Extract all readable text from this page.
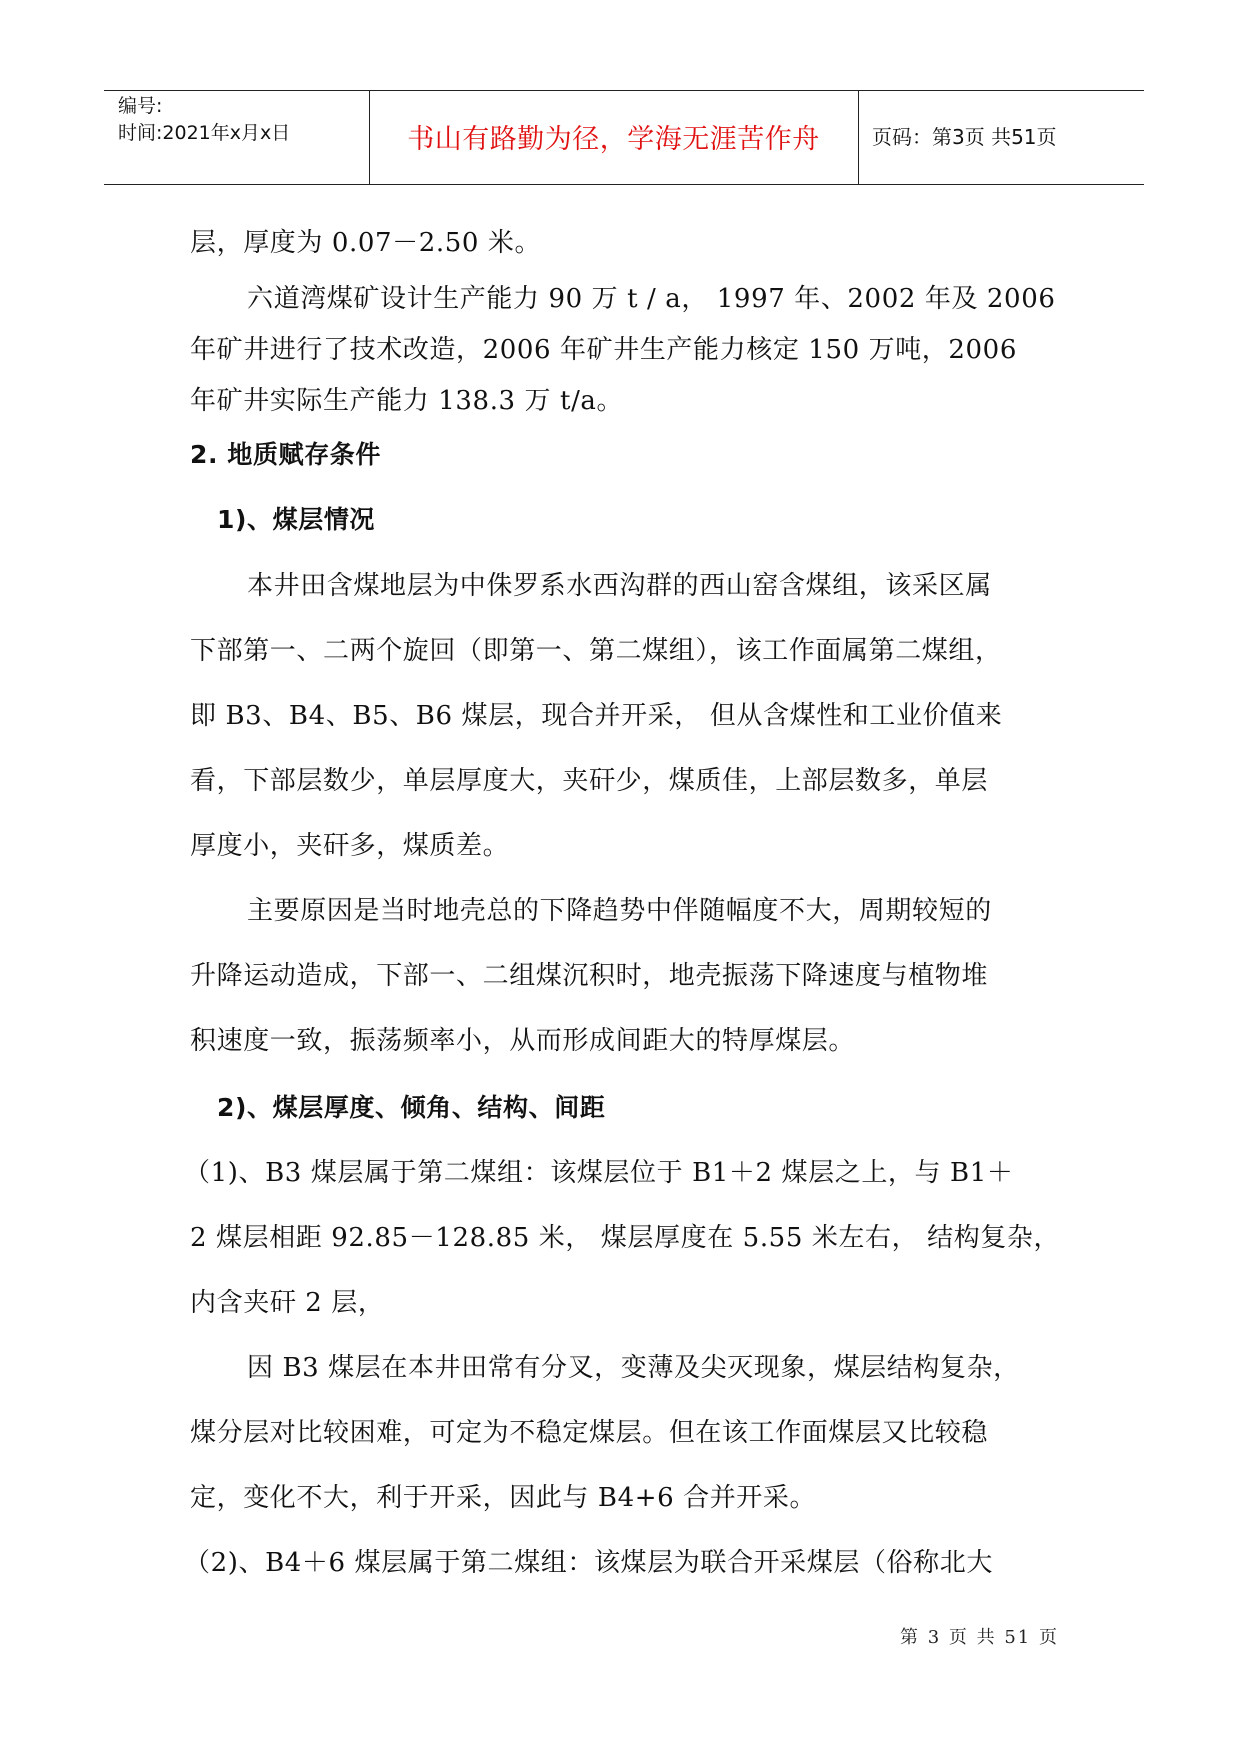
编号:
时间:2021年x月x日	书山有路勤为径，学海无涯苦作舟	页码：第3页 共51页
层，厚度为 0.07－2.50 米。
六道湾煤矿设计生产能力 90 万 t / a， 1997 年、2002 年及 2006
年矿井进行了技术改造，2006 年矿井生产能力核定 150 万吨，2006
年矿井实际生产能力 138.3 万 t/a。
2. 地质赋存条件
1)、煤层情况
本井田含煤地层为中侏罗系水西沟群的西山窑含煤组，该采区属
下部第一、二两个旋回（即第一、第二煤组），该工作面属第二煤组，
即 B3、B4、B5、B6 煤层，现合并开采， 但从含煤性和工业价值来
看，下部层数少，单层厚度大，夹矸少，煤质佳，上部层数多，单层
厚度小，夹矸多，煤质差。
主要原因是当时地壳总的下降趋势中伴随幅度不大，周期较短的
升降运动造成，下部一、二组煤沉积时，地壳振荡下降速度与植物堆
积速度一致，振荡频率小，从而形成间距大的特厚煤层。
2)、煤层厚度、倾角、结构、间距
（1)、B3 煤层属于第二煤组：该煤层位于 B1＋2 煤层之上，与 B1＋
2 煤层相距 92.85－128.85 米， 煤层厚度在 5.55 米左右， 结构复杂，
内含夹矸 2 层，
因 B3 煤层在本井田常有分叉，变薄及尖灭现象，煤层结构复杂，
煤分层对比较困难，可定为不稳定煤层。但在该工作面煤层又比较稳
定，变化不大，利于开采，因此与 B4+6 合并开采。
（2)、B4＋6 煤层属于第二煤组：该煤层为联合开采煤层（俗称北大
第 3 页 共 51 页
